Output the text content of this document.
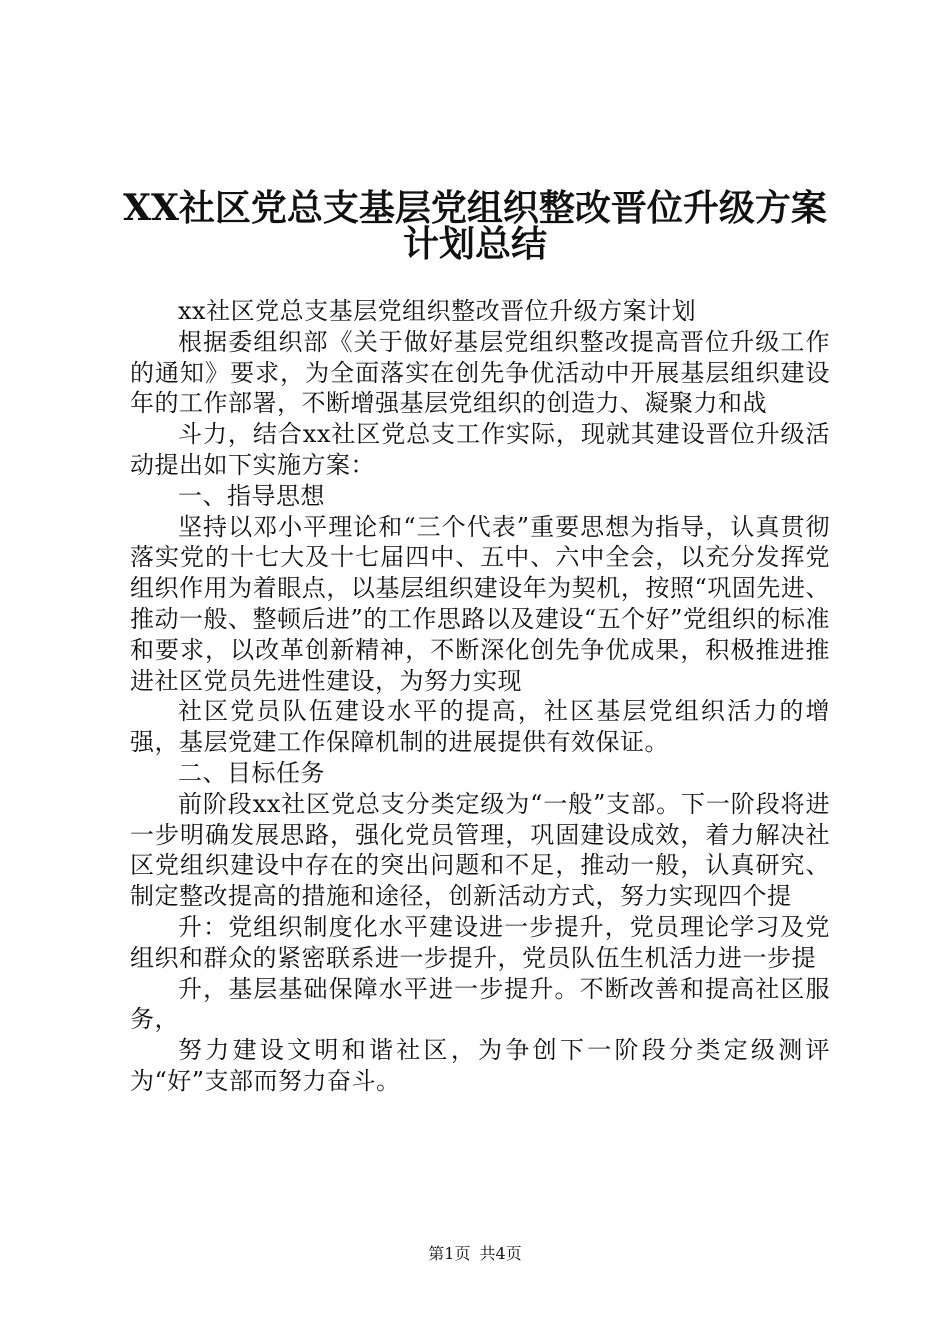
XX社区党总支基层党组织整改晋位升级方案
计划总结

xx社区党总支基层党组织整改晋位升级方案计划

根据委组织部《关于做好基层党组织整改提高晋位升级工作的通知》要求，为全面落实在创先争优活动中开展基层组织建设年的工作部署，不断增强基层党组织的创造力、凝聚力和战

斗力，结合xx社区党总支工作实际，现就其建设晋位升级活动提出如下实施方案：

一、指导思想

坚持以邓小平理论和“三个代表”重要思想为指导，认真贯彻落实党的十七大及十七届四中、五中、六中全会，以充分发挥党组织作用为着眼点，以基层组织建设年为契机，按照“巩固先进、推动一般、整顿后进”的工作思路以及建设“五个好”党组织的标准和要求，以改革创新精神，不断深化创先争优成果，积极推进推进社区党员先进性建设，为努力实现

社区党员队伍建设水平的提高，社区基层党组织活力的增强，基层党建工作保障机制的进展提供有效保证。

二、目标任务

前阶段xx社区党总支分类定级为“一般”支部。下一阶段将进一步明确发展思路，强化党员管理，巩固建设成效，着力解决社区党组织建设中存在的突出问题和不足，推动一般，认真研究、制定整改提高的措施和途径，创新活动方式，努力实现四个提

升：党组织制度化水平建设进一步提升，党员理论学习及党组织和群众的紧密联系进一步提升，党员队伍生机活力进一步提

升，基层基础保障水平进一步提升。不断改善和提高社区服务，

努力建设文明和谐社区，为争创下一阶段分类定级测评为“好”支部而努力奋斗。

第1页 共4页
